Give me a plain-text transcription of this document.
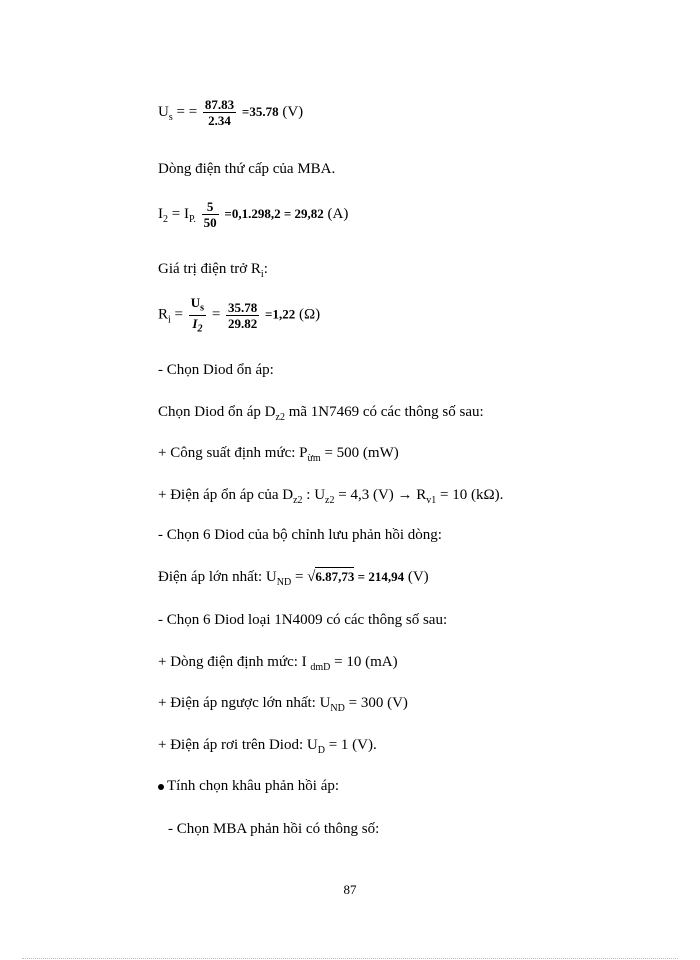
$U_s$ = = $\frac{87.83}{2.34} =35.78$ (V)
Dòng điện thứ cấp của MBA.
$I_2 = I_{P.} \frac{5}{50} =0,1.298,2 = 29,82$ (A)
Giá trị điện trở $R_i$:
$R_i = \frac{U_s}{I_2} = \frac{35.78}{29.82} =1,22$ (Ω)
- Chọn Diod ổn áp:
Chọn Diod ổn áp $D_{z2}$ mã 1N7469 có các thông số sau:
+ Công suất định mức: $P_{ừm} = 500$ (mW)
+ Điện áp ổn áp của $D_{z2}$ : $U_{z2} = 4,3$ $(V) \to R_{v1} = 10$ (kΩ).
- Chọn 6 Diod của bộ chỉnh lưu phản hồi dòng:
Điện áp lớn nhất: $U_{ND} = √6.87,73 = 214,94$ (V)
- Chọn 6 Diod loại 1N4009 có các thông số sau:
+ Dòng điện định mức: I $_{dmD}$ = 10 (mA)
+ Điện áp ngược lớn nhất: $U_{ND} = 300$ (V)
+ Điện áp rơi trên Diod: $U_D = 1$ (V).
Tính chọn khâu phản hồi áp:
- Chọn MBA phản hồi có thông số:
87
